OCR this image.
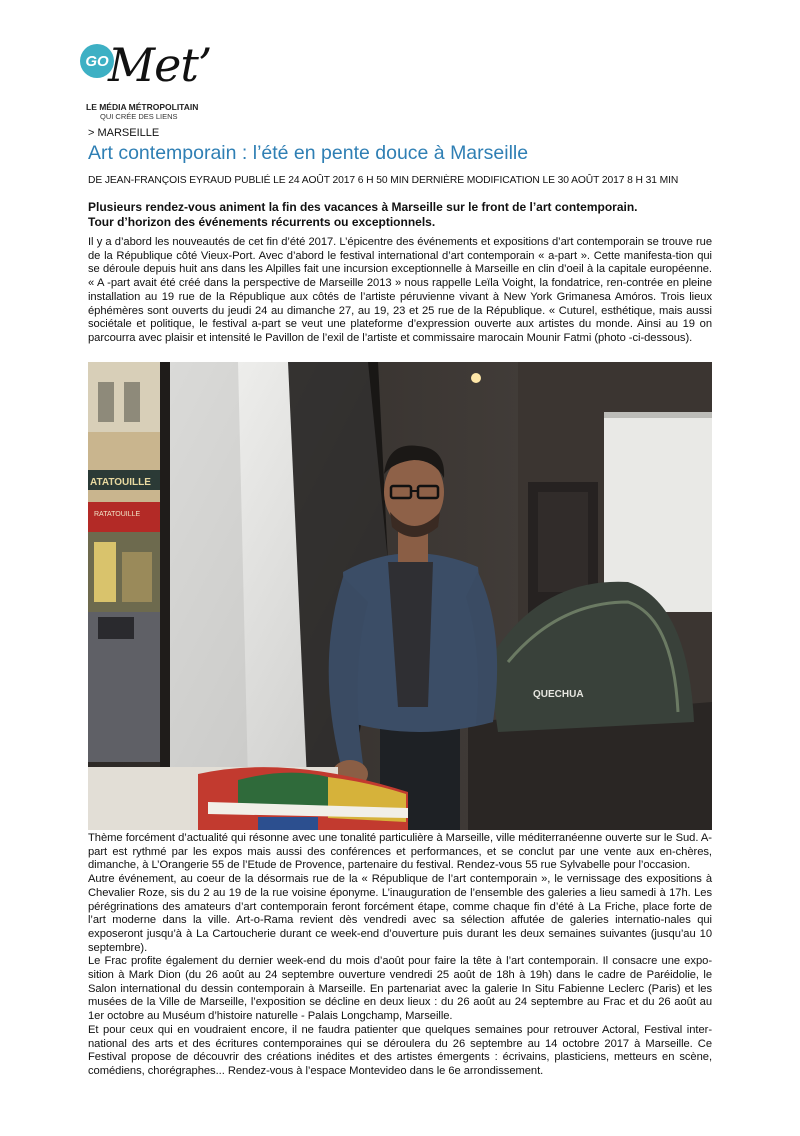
GO Met’
LE MÉDIA MÉTROPOLITAIN
QUI CRÉE DES LIENS
> MARSEILLE
Art contemporain : l’été en pente douce à Marseille
DE JEAN-FRANÇOIS EYRAUD PUBLIÉ LE 24 AOÛT 2017 6 H 50 MIN DERNIÈRE MODIFICATION LE 30 AOÛT 2017 8 H 31 MIN
Plusieurs rendez-vous animent la fin des vacances à Marseille sur le front de l’art contemporain.
Tour d’horizon des événements récurrents ou exceptionnels.

Il y a d’abord les nouveautés de cet fin d’été 2017. L’épicentre des événements et expositions d’art contemporain se trouve rue de la République côté Vieux-Port. Avec d’abord le festival international d’art contemporain « a-part ». Cette manifesta-tion qui se déroule depuis huit ans dans les Alpilles fait une incursion exceptionnelle à Marseille en clin d’oeil à la capitale européenne. « A -part avait été créé dans la perspective de Marseille 2013 » nous rappelle Leïla Voight, la fondatrice, ren-contrée en pleine installation au 19 rue de la République aux côtés de l’artiste péruvienne vivant à New York Grimanesa Amóros. Trois lieux éphémères sont ouverts du jeudi 24 au dimanche 27, au 19, 23 et 25 rue de la République. « Cuturel, esthétique, mais aussi sociétale et politique, le festival a-part se veut une plateforme d’expression ouverte aux artistes du monde. Ainsi au 19 on parcourra avec plaisir et intensité le Pavillon de l’exil de l’artiste et commissaire marocain Mounir Fatmi (photo -ci-dessous).

ATATOUILLE
RATATOUILLE
QUECHUA

Thème forcément d’actualité qui résonne avec une tonalité particulière à Marseille, ville méditerranéenne ouverte sur le Sud. A-part est rythmé par les expos mais aussi des conférences et performances, et se conclut par une vente aux en-chères, dimanche, à L’Orangerie 55 de l’Etude de Provence, partenaire du festival. Rendez-vous 55 rue Sylvabelle pour l’occasion.

Autre événement, au coeur de la désormais rue de la « République de l’art contemporain », le vernissage des expositions à Chevalier Roze, sis du 2 au 19 de la rue voisine éponyme. L’inauguration de l’ensemble des galeries a lieu samedi à 17h. Les pérégrinations des amateurs d’art contemporain feront forcément étape, comme chaque fin d’été à La Friche, place forte de l’art moderne dans la ville. Art-o-Rama revient dès vendredi avec sa sélection affutée de galeries internatio-nales qui exposeront jusqu’à à La Cartoucherie durant ce week-end d’ouverture puis durant les deux semaines suivantes (jusqu’au 10 septembre).

Le Frac profite également du dernier week-end du mois d’août pour faire la tête à l’art contemporain. Il consacre une expo-sition à Mark Dion (du 26 août au 24 septembre ouverture vendredi 25 août de 18h à 19h) dans le cadre de Paréidolie, le Salon international du dessin contemporain à Marseille. En partenariat avec la galerie In Situ Fabienne Leclerc (Paris) et les musées de la Ville de Marseille, l’exposition se décline en deux lieux : du 26 août au 24 septembre au Frac et du 26 août au 1er octobre au Muséum d’histoire naturelle - Palais Longchamp, Marseille.

Et pour ceux qui en voudraient encore, il ne faudra patienter que quelques semaines pour retrouver Actoral, Festival inter-national des arts et des écritures contemporaines qui se déroulera du 26 septembre au 14 octobre 2017 à Marseille. Ce Festival propose de découvrir des créations inédites et des artistes émergents : écrivains, plasticiens, metteurs en scène, comédiens, chorégraphes... Rendez-vous à l’espace Montevideo dans le 6e arrondissement.
